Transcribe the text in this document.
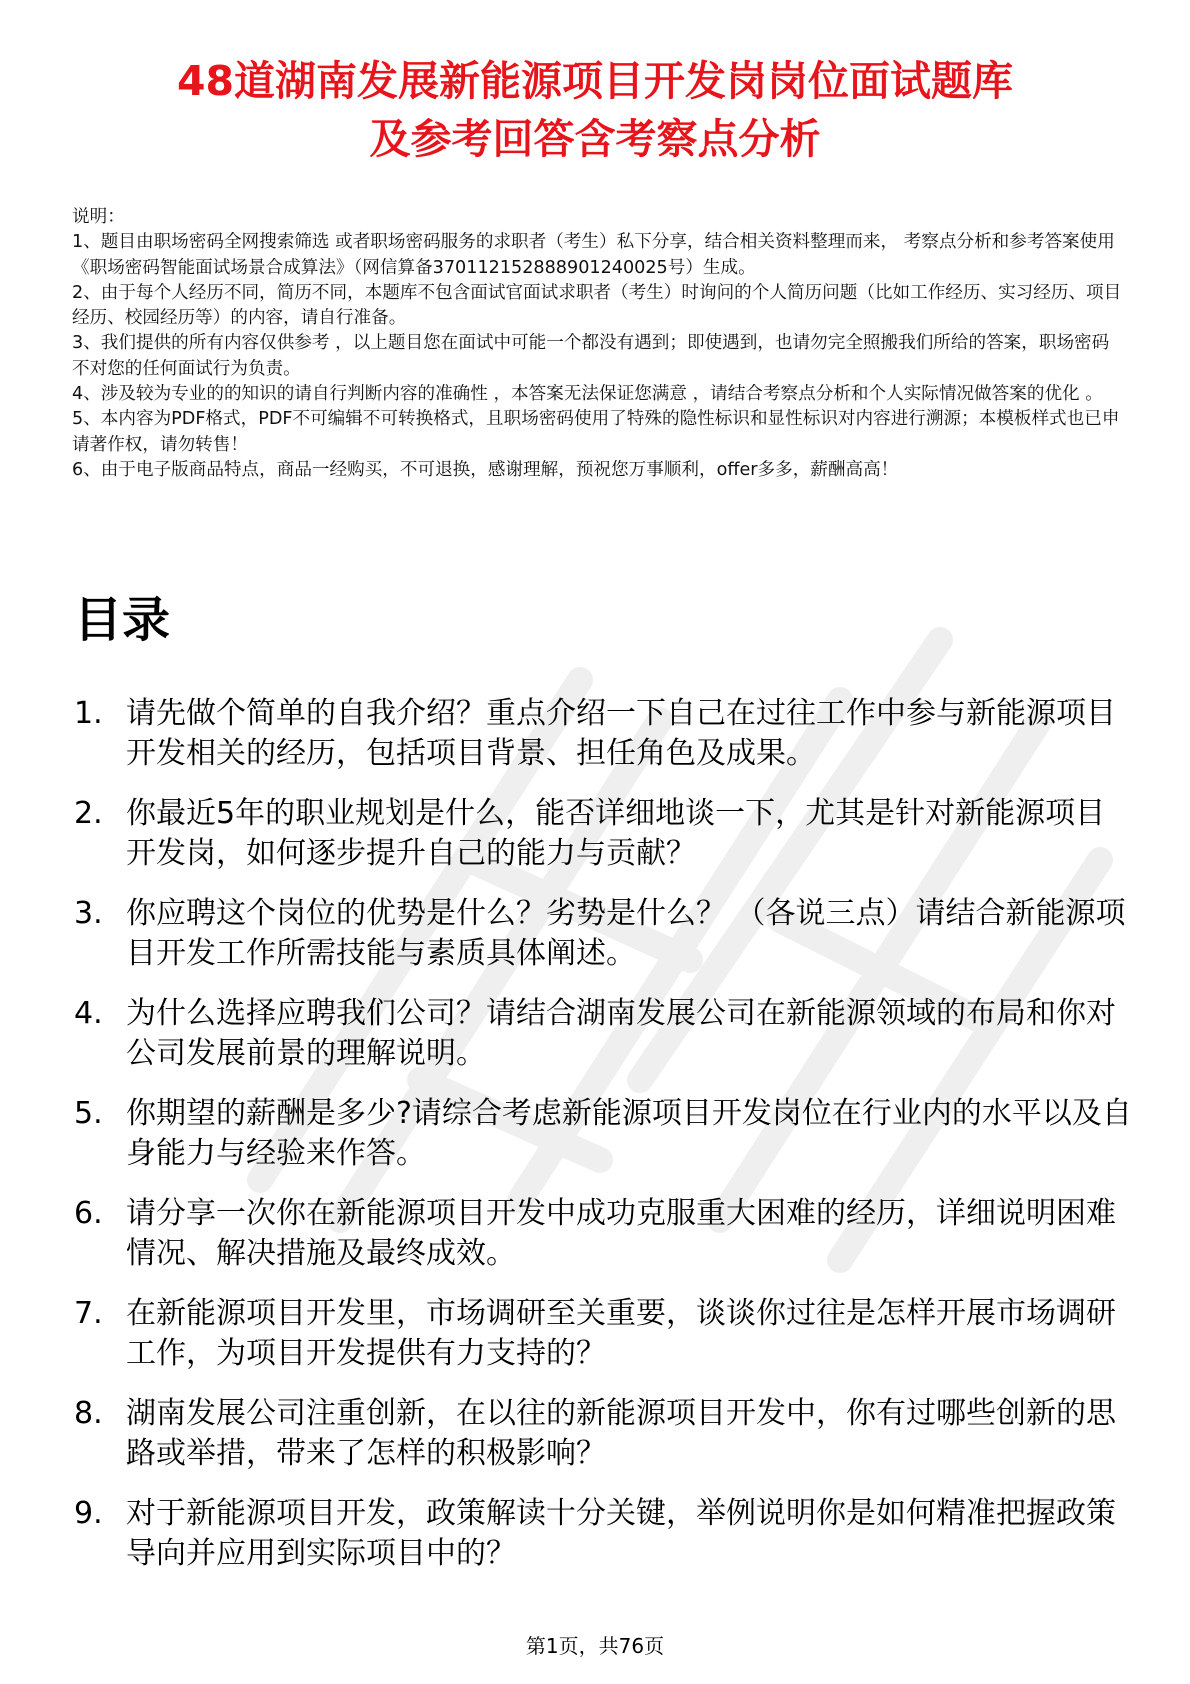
48道湖南发展新能源项目开发岗岗位面试题库
及参考回答含考察点分析

说明：

1、题目由职场密码全网搜索筛选 或者职场密码服务的求职者（考生）私下分享，结合相关资料整理而来， 考察点分析和参考答案使用《职场密码智能面试场景合成算法》（网信算备370112152888901240025号）生成。

2、由于每个人经历不同，简历不同，本题库不包含面试官面试求职者（考生）时询问的个人简历问题（比如工作经历、实习经历、项目经历、校园经历等）的内容，请自行准备。

3、我们提供的所有内容仅供参考 ，以上题目您在面试中可能一个都没有遇到；即使遇到，也请勿完全照搬我们所给的答案，职场密码不对您的任何面试行为负责。

4、涉及较为专业的的知识的请自行判断内容的准确性 ，本答案无法保证您满意 ，请结合考察点分析和个人实际情况做答案的优化 。

5、本内容为PDF格式，PDF不可编辑不可转换格式，且职场密码使用了特殊的隐性标识和显性标识对内容进行溯源；本模板样式也已申请著作权，请勿转售！

6、由于电子版商品特点，商品一经购买，不可退换，感谢理解，预祝您万事顺利，offer多多，薪酬高高！

目录
1. 请先做个简单的自我介绍？重点介绍一下自己在过往工作中参与新能源项目开发相关的经历，包括项目背景、担任角色及成果。
2. 你最近5年的职业规划是什么，能否详细地谈一下，尤其是针对新能源项目开发岗，如何逐步提升自己的能力与贡献？
3. 你应聘这个岗位的优势是什么？劣势是什么？ （各说三点）请结合新能源项目开发工作所需技能与素质具体阐述。
4. 为什么选择应聘我们公司？请结合湖南发展公司在新能源领域的布局和你对公司发展前景的理解说明。
5. 你期望的薪酬是多少?请综合考虑新能源项目开发岗位在行业内的水平以及自身能力与经验来作答。
6. 请分享一次你在新能源项目开发中成功克服重大困难的经历，详细说明困难情况、解决措施及最终成效。
7. 在新能源项目开发里，市场调研至关重要，谈谈你过往是怎样开展市场调研工作，为项目开发提供有力支持的？
8. 湖南发展公司注重创新，在以往的新能源项目开发中，你有过哪些创新的思路或举措，带来了怎样的积极影响？
9. 对于新能源项目开发，政策解读十分关键，举例说明你是如何精准把握政策导向并应用到实际项目中的？
第1页，共76页
